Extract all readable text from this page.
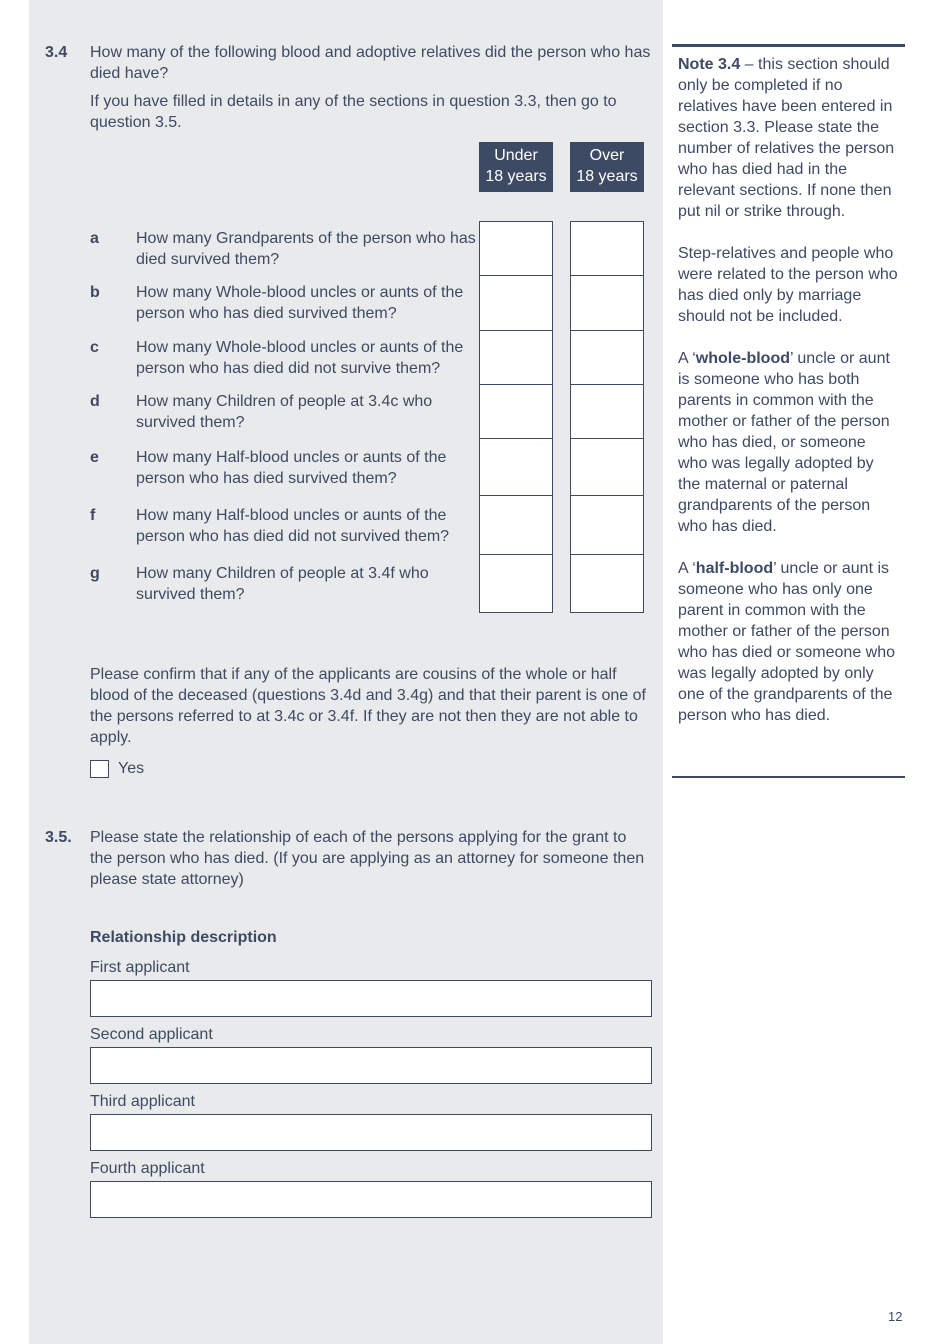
3.4 How many of the following blood and adoptive relatives did the person who has died have?
If you have filled in details in any of the sections in question 3.3, then go to question 3.5.
Under
18 years
Over
18 years
a How many Grandparents of the person who has died survived them?
b How many Whole-blood uncles or aunts of the person who has died survived them?
c How many Whole-blood uncles or aunts of the person who has died did not survive them?
d How many Children of people at 3.4c who survived them?
e How many Half-blood uncles or aunts of the person who has died survived them?
f	How many Half-blood uncles or aunts of the person who has died did not survived them?
g How many Children of people at 3.4f who survived them?
Please confirm that if any of the applicants are cousins of the whole or half blood of the deceased (questions 3.4d and 3.4g) and that their parent is one of the persons referred to at 3.4c or 3.4f. If they are not then they are not able to apply.
Yes
3.5. Please state the relationship of each of the persons applying for the grant to the person who has died. (If you are applying as an attorney for someone then please state attorney)
Relationship description
First applicant
Second applicant
Third applicant
Fourth applicant

Note 3.4 – this section should only be completed if no relatives have been entered in section 3.3. Please state the number of relatives the person who has died had in the relevant sections. If none then put nil or strike through.

Step-relatives and people who were related to the person who has died only by marriage should not be included.

A ‘whole-blood’ uncle or aunt is someone who has both parents in common with the mother or father of the person who has died, or someone who was legally adopted by the maternal or paternal grandparents of the person who has died.

A ‘half-blood’ uncle or aunt is someone who has only one parent in common with the mother or father of the person who has died or someone who was legally adopted by only one of the grandparents of the person who has died.

12
